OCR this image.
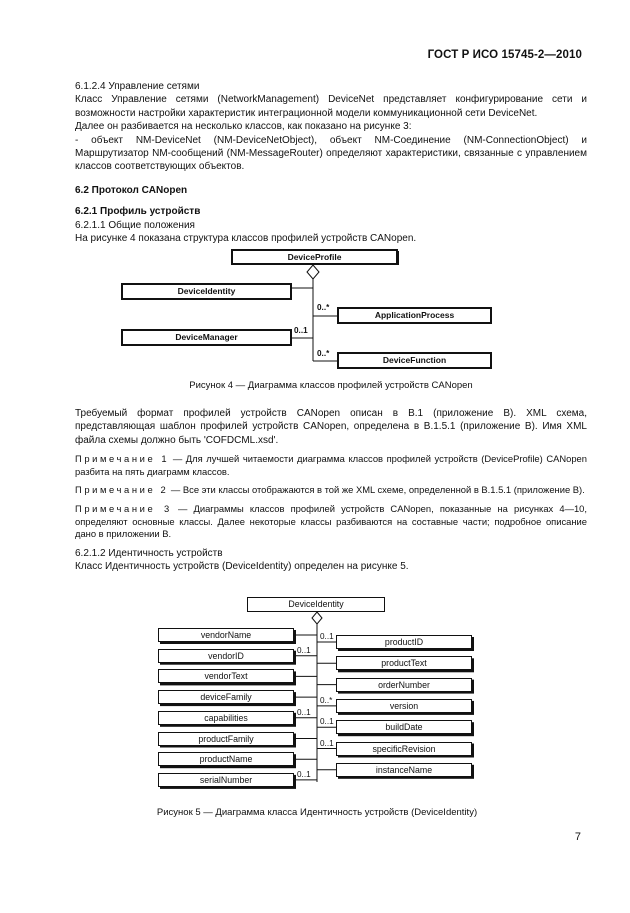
ГОСТ Р ИСО 15745-2—2010

6.1.2.4 Управление сетями

Класс Управление сетями (NetworkManagement) DeviceNet представляет конфигурирование сети и возможности настройки характеристик интеграционной модели коммуникационной сети DeviceNet.

Далее он разбивается на несколько классов, как показано на рисунке 3:

- объект NM-DeviceNet (NM-DeviceNetObject), объект NM-Соединение (NM-ConnectionObject) и Маршрутизатор NM-сообщений (NM-MessageRouter) определяют характеристики, связанные с управлением классов соответствующих объектов.

6.2 Протокол CANopen

6.2.1 Профиль устройств

6.2.1.1 Общие положения

На рисунке 4 показана структура классов профилей устройств CANopen.

DeviceProfile
DeviceIdentity
DeviceManager
ApplicationProcess
DeviceFunction
0..*
0..1
0..*
Рисунок 4 — Диаграмма классов профилей устройств CANopen

Требуемый формат профилей устройств CANopen описан в B.1 (приложение В). XML схема, представляющая шаблон профилей устройств CANopen, определена в B.1.5.1 (приложение В). Имя XML файла схемы должно быть 'COFDCML.xsd'.

Примечание 1 — Для лучшей читаемости диаграмма классов профилей устройств (DeviceProfile) CANopen разбита на пять диаграмм классов.

Примечание 2 — Все эти классы отображаются в той же XML схеме, определенной в B.1.5.1 (приложение В).

Примечание 3 — Диаграммы классов профилей устройств CANopen, показанные на рисунках 4—10, определяют основные классы. Далее некоторые классы разбиваются на составные части; подробное описание дано в приложении В.

6.2.1.2 Идентичность устройств

Класс Идентичность устройств (DeviceIdentity) определен на рисунке 5.

DeviceIdentity
vendorName
vendorID
0..1
vendorText
deviceFamily
capabilities
0..1
productFamily
productName
serialNumber
0..1
productID
0..1
productText
orderNumber
version
0..*
buildDate
0..1
specificRevision
0..1
instanceName
Рисунок 5 — Диаграмма класса Идентичность устройств (DeviceIdentity)
7
